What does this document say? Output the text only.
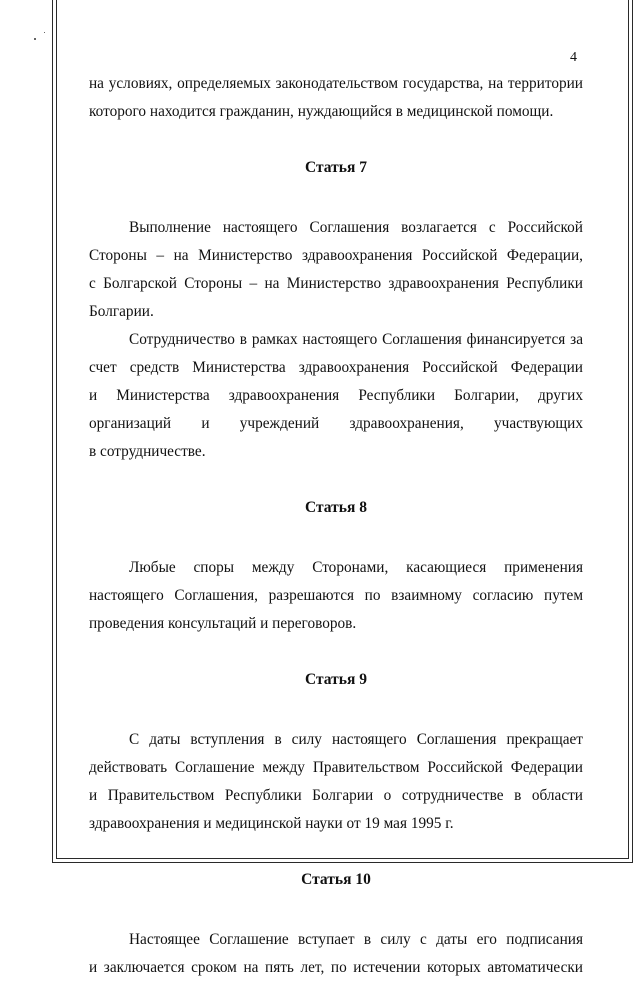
4
на условиях, определяемых законодательством государства, на территории
которого находится гражданин, нуждающийся в медицинской помощи.
Статья 7
Выполнение настоящего Соглашения возлагается с Российской
Стороны – на Министерство здравоохранения Российской Федерации,
с Болгарской Стороны – на Министерство здравоохранения Республики
Болгарии.
Сотрудничество в рамках настоящего Соглашения финансируется за
счет средств Министерства здравоохранения Российской Федерации
и Министерства здравоохранения Республики Болгарии, других
организаций и учреждений здравоохранения, участвующих
в сотрудничестве.
Статья 8
Любые споры между Сторонами, касающиеся применения
настоящего Соглашения, разрешаются по взаимному согласию путем
проведения консультаций и переговоров.
Статья 9
С даты вступления в силу настоящего Соглашения прекращает
действовать Соглашение между Правительством Российской Федерации
и Правительством Республики Болгарии о сотрудничестве в области
здравоохранения и медицинской науки от 19 мая 1995 г.
Статья 10
Настоящее Соглашение вступает в силу с даты его подписания
и заключается сроком на пять лет, по истечении которых автоматически
